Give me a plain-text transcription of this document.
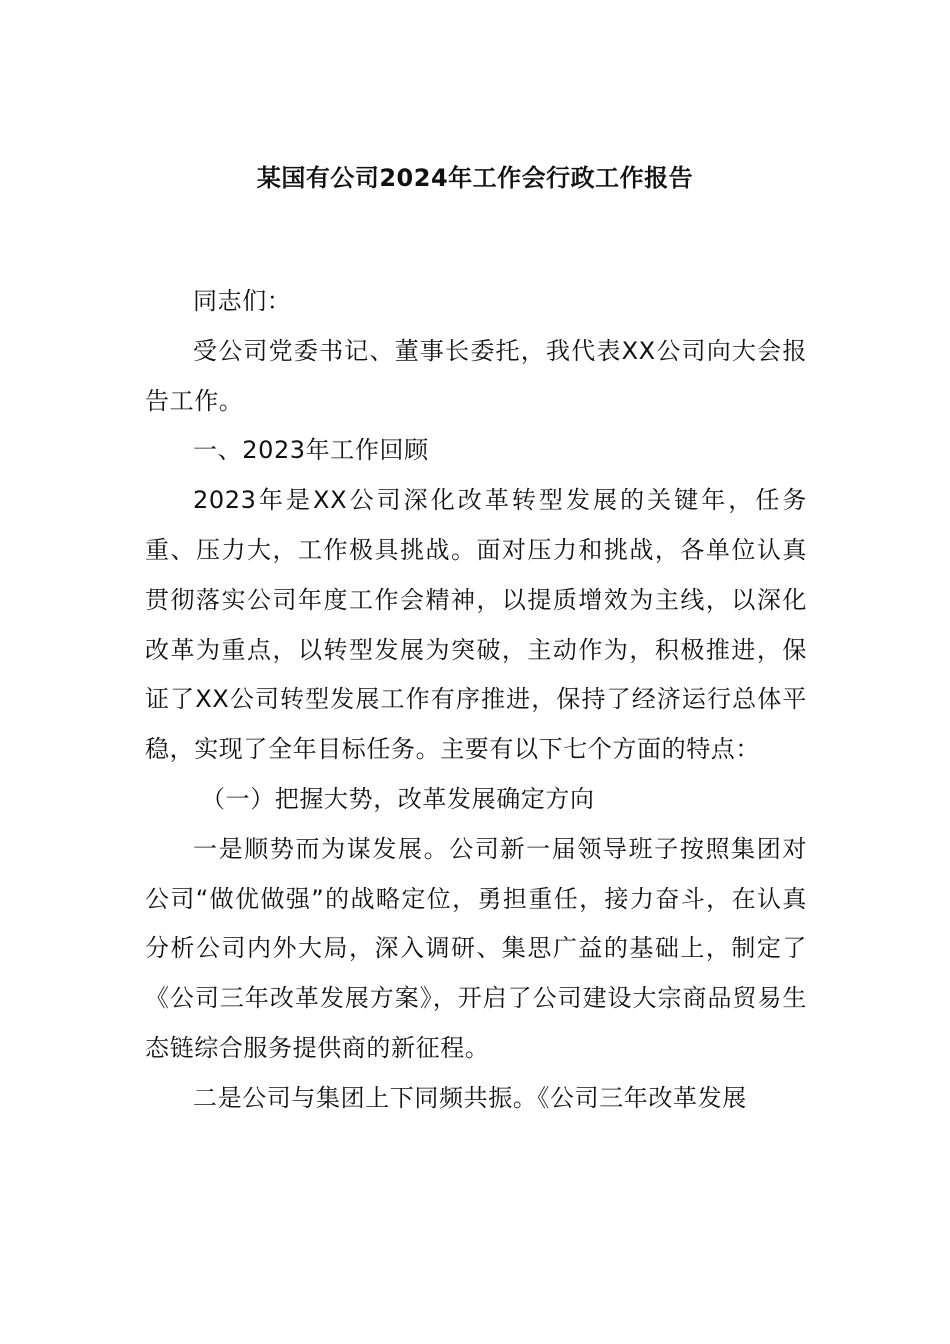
某国有公司2024年工作会行政工作报告

同志们：

受公司党委书记、董事长委托，我代表XX公司向大会报告工作。

一、2023年工作回顾

2023年是XX公司深化改革转型发展的关键年，任务重、压力大，工作极具挑战。面对压力和挑战，各单位认真贯彻落实公司年度工作会精神，以提质增效为主线，以深化改革为重点，以转型发展为突破，主动作为，积极推进，保证了XX公司转型发展工作有序推进，保持了经济运行总体平稳，实现了全年目标任务。主要有以下七个方面的特点：

（一）把握大势，改革发展确定方向

一是顺势而为谋发展。公司新一届领导班子按照集团对公司“做优做强”的战略定位，勇担重任，接力奋斗，在认真分析公司内外大局，深入调研、集思广益的基础上，制定了《公司三年改革发展方案》，开启了公司建设大宗商品贸易生态链综合服务提供商的新征程。

二是公司与集团上下同频共振。《公司三年改革发展
